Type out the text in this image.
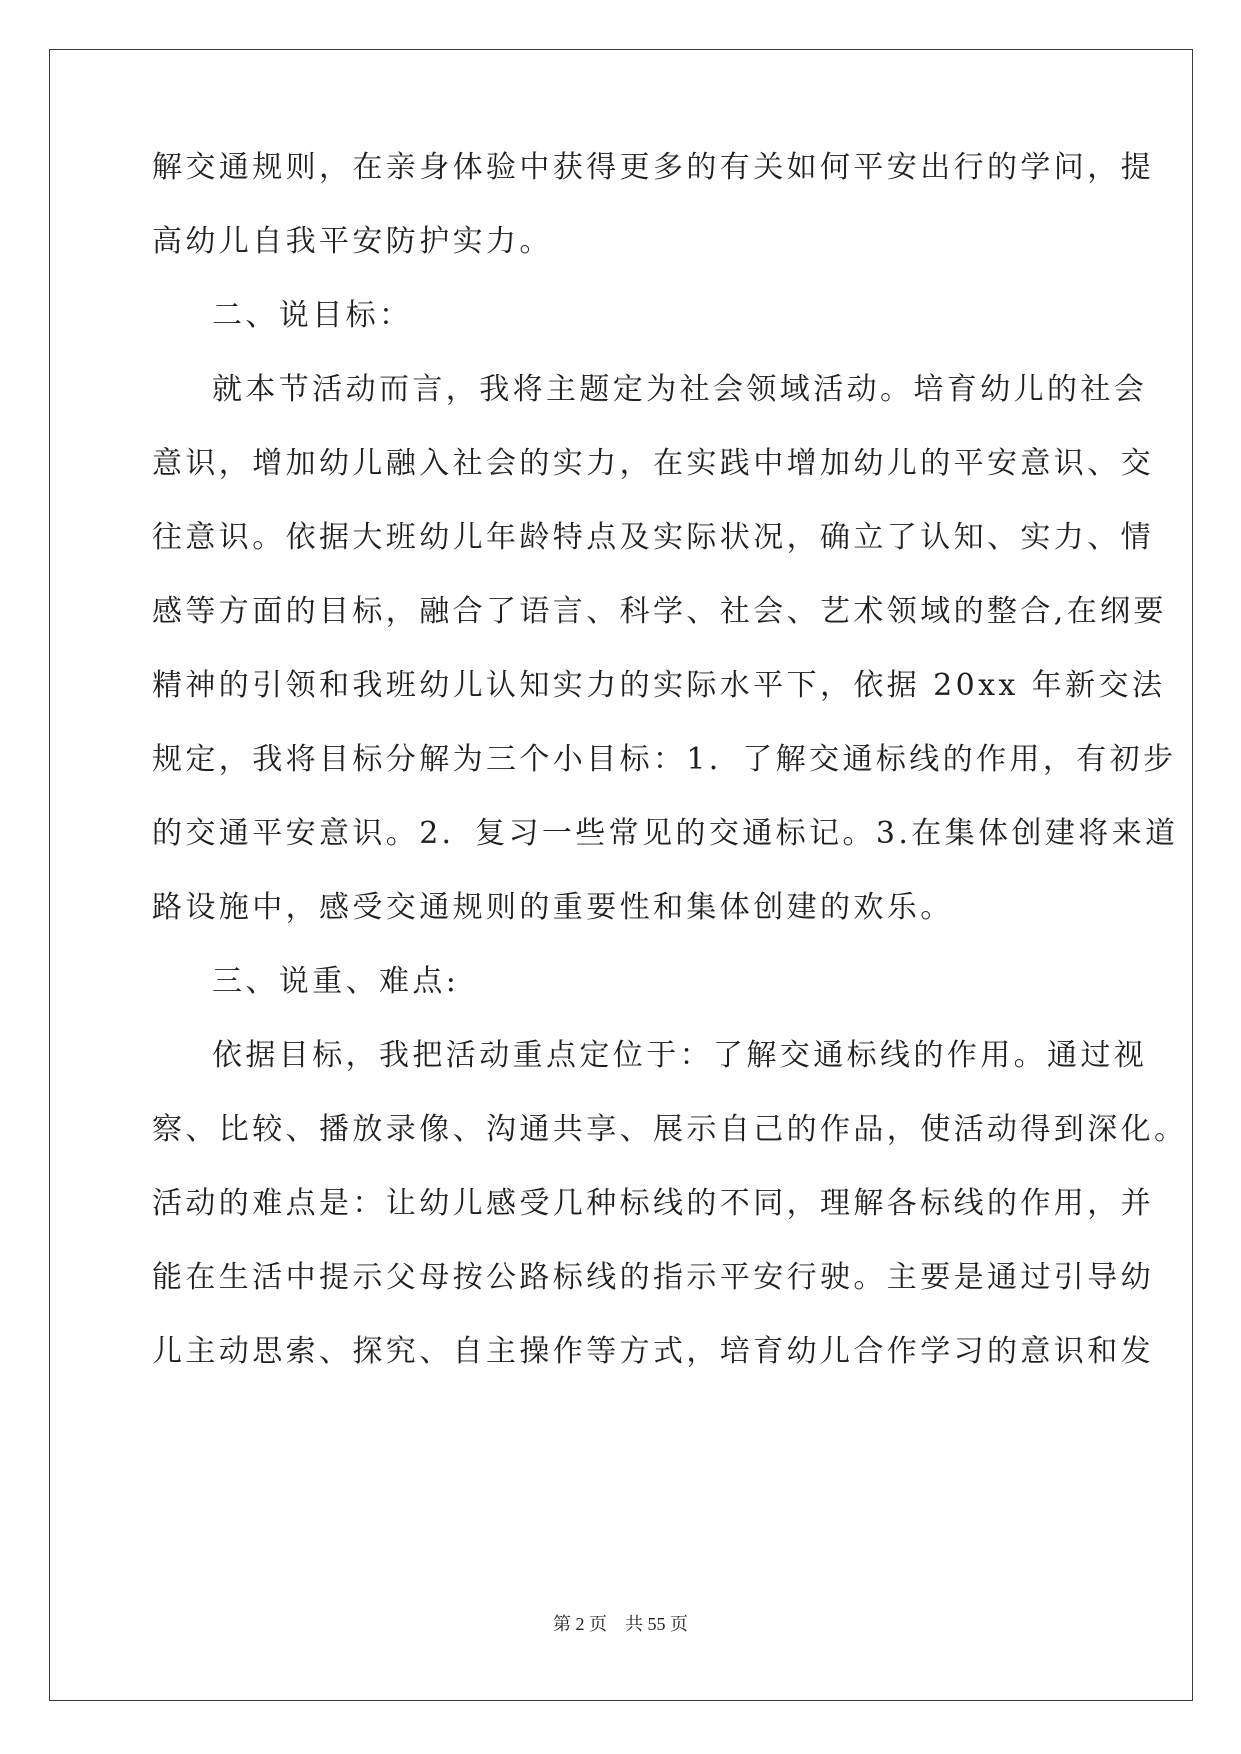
解交通规则，在亲身体验中获得更多的有关如何平安出行的学问，提
高幼儿自我平安防护实力。
二、说目标：
就本节活动而言，我将主题定为社会领域活动。培育幼儿的社会
意识，增加幼儿融入社会的实力，在实践中增加幼儿的平安意识、交
往意识。依据大班幼儿年龄特点及实际状况，确立了认知、实力、情
感等方面的目标，融合了语言、科学、社会、艺术领域的整合,在纲要
精神的引领和我班幼儿认知实力的实际水平下，依据 20xx 年新交法
规定，我将目标分解为三个小目标：1．了解交通标线的作用，有初步
的交通平安意识。2．复习一些常见的交通标记。3.在集体创建将来道
路设施中，感受交通规则的重要性和集体创建的欢乐。
三、说重、难点:
依据目标，我把活动重点定位于：了解交通标线的作用。通过视
察、比较、播放录像、沟通共享、展示自己的作品，使活动得到深化。
活动的难点是：让幼儿感受几种标线的不同，理解各标线的作用，并
能在生活中提示父母按公路标线的指示平安行驶。主要是通过引导幼
儿主动思索、探究、自主操作等方式，培育幼儿合作学习的意识和发
第 2 页 共 55 页
